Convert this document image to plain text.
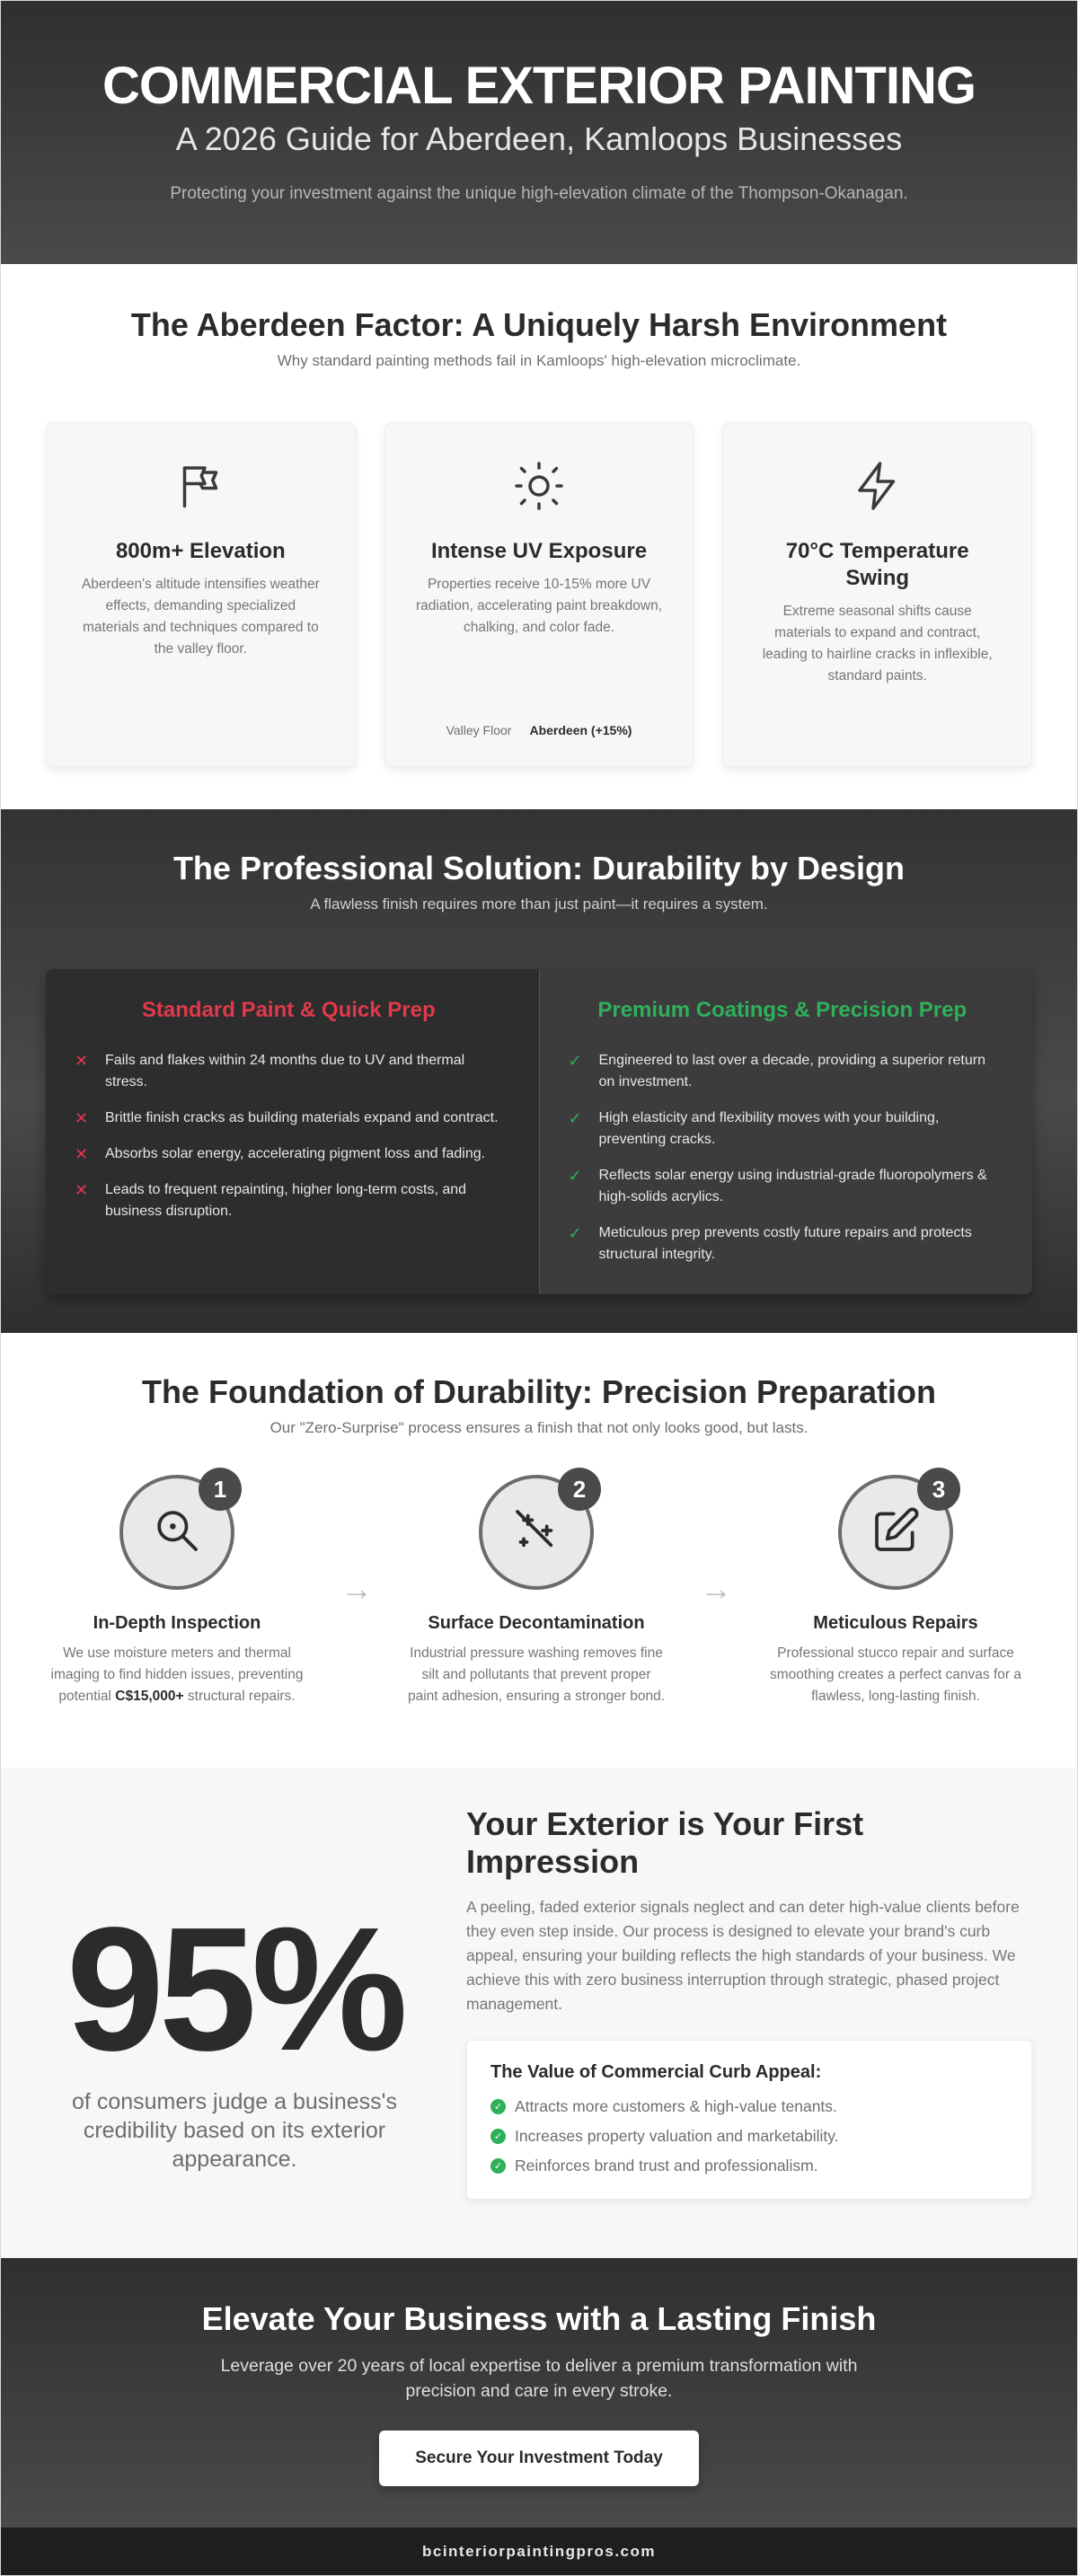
COMMERCIAL EXTERIOR PAINTING
A 2026 Guide for Aberdeen, Kamloops Businesses

Protecting your investment against the unique high-elevation climate of the Thompson-Okanagan.

The Aberdeen Factor: A Uniquely Harsh Environment
Why standard painting methods fail in Kamloops' high-elevation microclimate.
800m+ Elevation

Aberdeen's altitude intensifies weather effects, demanding specialized materials and techniques compared to the valley floor.

Intense UV Exposure

Properties receive 10-15% more UV radiation, accelerating paint breakdown, chalking, and color fade.

Valley Floor Aberdeen (+15%)
70°C Temperature Swing

Extreme seasonal shifts cause materials to expand and contract, leading to hairline cracks in inflexible, standard paints.

The Professional Solution: Durability by Design
A flawless finish requires more than just paint—it requires a system.
Standard Paint & Quick Prep
✕	Fails and flakes within 24 months due to UV and thermal stress.
✕	Brittle finish cracks as building materials expand and contract.
✕	Absorbs solar energy, accelerating pigment loss and fading.
✕	Leads to frequent repainting, higher long-term costs, and business disruption.
Premium Coatings & Precision Prep
✓	Engineered to last over a decade, providing a superior return on investment.
✓	High elasticity and flexibility moves with your building, preventing cracks.
✓	Reflects solar energy using industrial-grade fluoropolymers & high-solids acrylics.
✓	Meticulous prep prevents costly future repairs and protects structural integrity.
The Foundation of Durability: Precision Preparation
Our "Zero-Surprise" process ensures a finish that not only looks good, but lasts.
1
In-Depth Inspection

We use moisture meters and thermal imaging to find hidden issues, preventing potential C$15,000+ structural repairs.

→
2
Surface Decontamination

Industrial pressure washing removes fine silt and pollutants that prevent proper paint adhesion, ensuring a stronger bond.

→
3
Meticulous Repairs

Professional stucco repair and surface smoothing creates a perfect canvas for a flawless, long-lasting finish.

95%
of consumers judge a business's credibility based on its exterior appearance.
Your Exterior is Your First Impression

A peeling, faded exterior signals neglect and can deter high-value clients before they even step inside. Our process is designed to elevate your brand's curb appeal, ensuring your building reflects the high standards of your business. We achieve this with zero business interruption through strategic, phased project management.

The Value of Commercial Curb Appeal:
✓ Attracts more customers & high-value tenants.
✓ Increases property valuation and marketability.
✓ Reinforces brand trust and professionalism.
Elevate Your Business with a Lasting Finish

Leverage over 20 years of local expertise to deliver a premium transformation with precision and care in every stroke.

Secure Your Investment Today
bcinteriorpaintingpros.com
